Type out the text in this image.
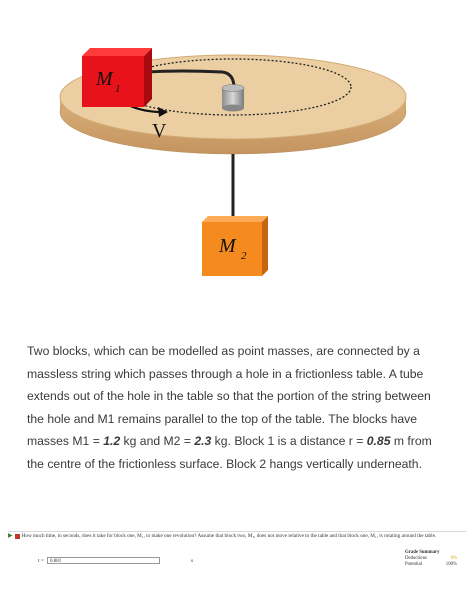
V
M 1
M 2
Two blocks, which can be modelled as point masses, are connected by a massless string which passes through a hole in a frictionless table. A tube extends out of the hole in the table so that the portion of the string between the hole and M1 remains parallel to the top of the table. The blocks have masses M1 = 1.2 kg and M2 = 2.3 kg. Block 1 is a distance r = 0.85 m from the centre of the frictionless surface. Block 2 hangs vertically underneath.
▶ How much time, in seconds, does it take for block one, M₁, to make one revolution? Assume that block two, M₂, does not move relative to the table and that block one, M₁, is rotating around the table.
t =	0.881	s
Grade Summary
Deductions	0%
Potential	100%
